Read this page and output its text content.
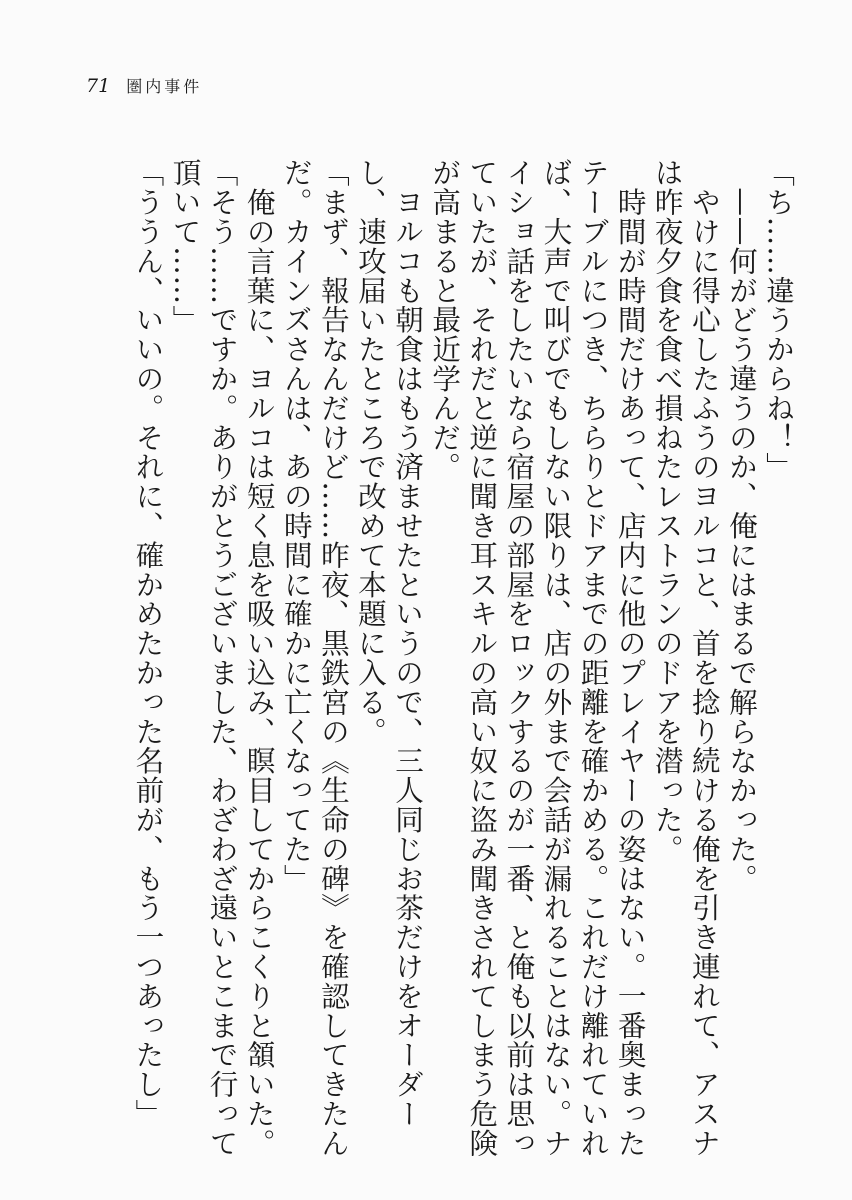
71 圏内事件

「ち……違うからね！」

　——何がどう違うのか、俺にはまるで解らなかった。

　やけに得心したふうのヨルコと、首を捻り続ける俺を引き連れて、アスナは昨夜夕食を食べ損ねたレストランのドアを潜った。

　時間が時間だけあって、店内に他のプレイヤーの姿はない。一番奥まったテーブルにつき、ちらりとドアまでの距離を確かめる。これだけ離れていれば、大声で叫びでもしない限りは、店の外まで会話が漏れることはない。ナイショ話をしたいなら宿屋の部屋をロックするのが一番、と俺も以前は思っていたが、それだと逆に聞き耳スキルの高い奴に盗み聞きされてしまう危険が高まると最近学んだ。

　ヨルコも朝食はもう済ませたというので、三人同じお茶だけをオーダーし、速攻届いたところで改めて本題に入る。

「まず、報告なんだけど……昨夜、黒鉄宮の《生命の碑》を確認してきたんだ。カインズさんは、あの時間に確かに亡くなってた」

　俺の言葉に、ヨルコは短く息を吸い込み、瞑目してからこくりと頷いた。

「そう……ですか。ありがとうございました、わざわざ遠いとこまで行って頂いて……」

「ううん、いいの。それに、確かめたかった名前が、もう一つあったし」
